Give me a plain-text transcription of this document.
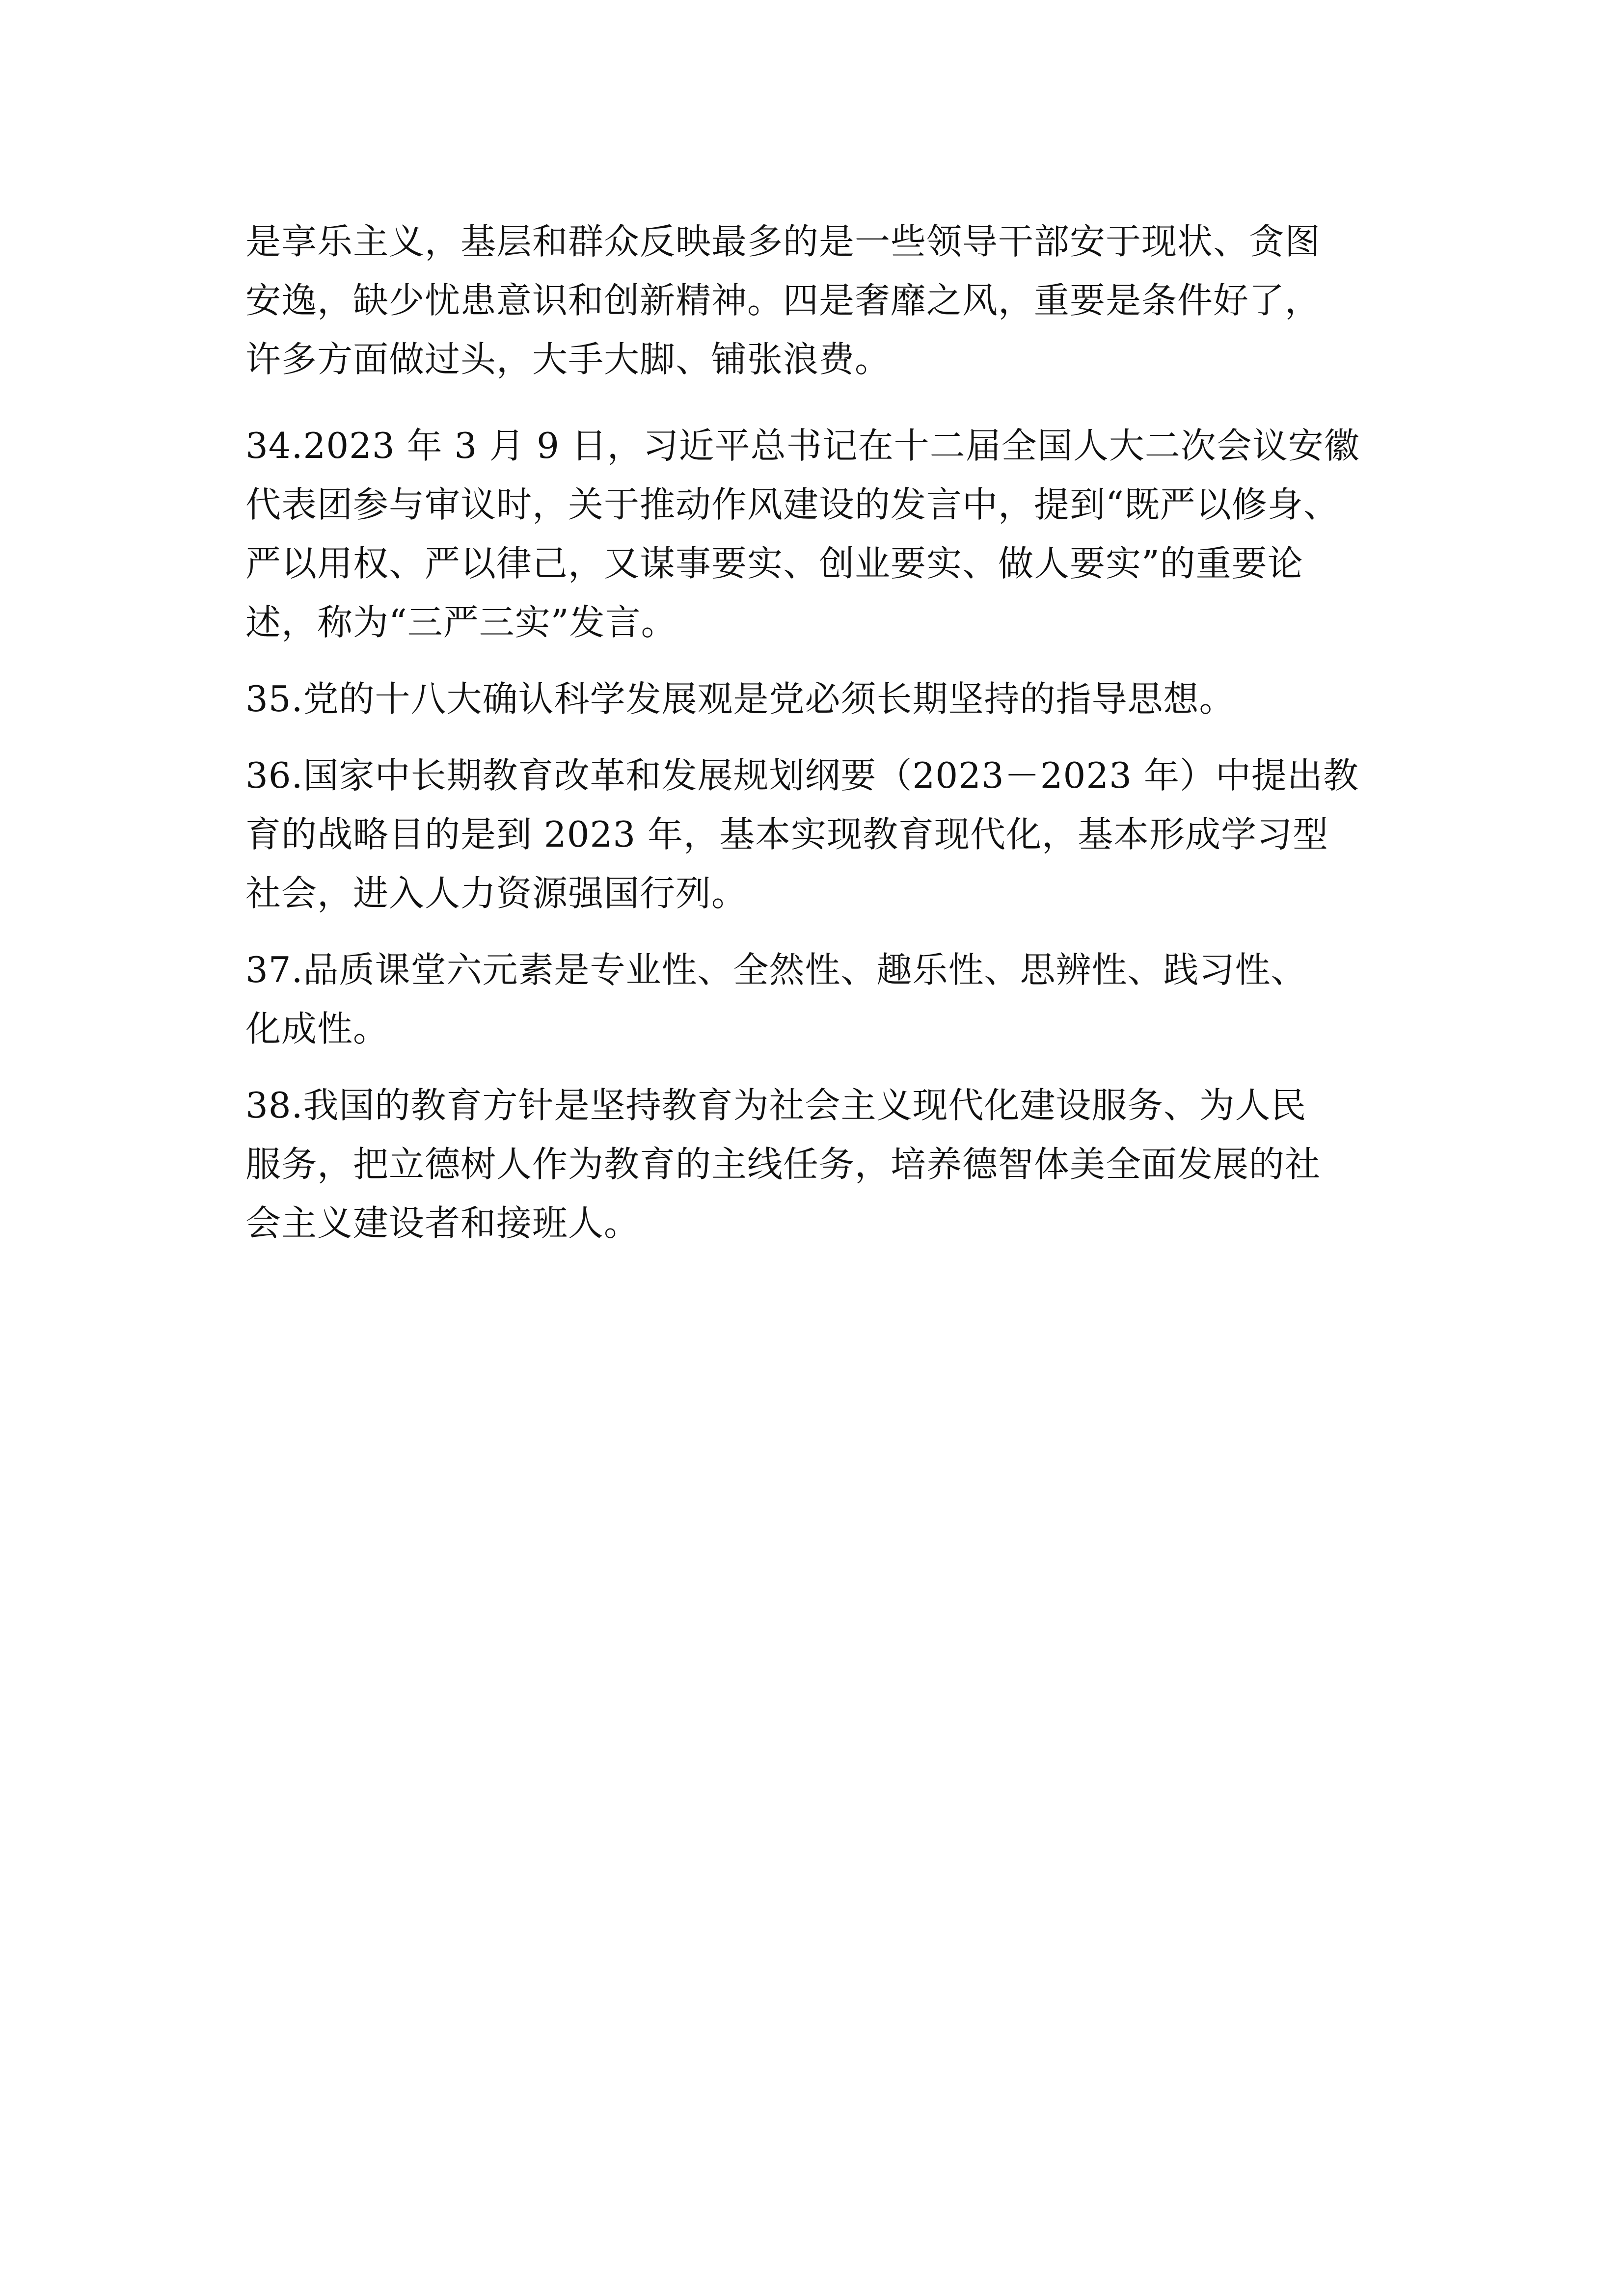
是享乐主义，基层和群众反映最多的是一些领导干部安于现状、贪图

安逸，缺少忧患意识和创新精神。四是奢靡之风，重要是条件好了，

许多方面做过头，大手大脚、铺张浪费。

34.2023 年 3 月 9 日，习近平总书记在十二届全国人大二次会议安徽

代表团参与审议时，关于推动作风建设的发言中，提到“既严以修身、

严以用权、严以律己，又谋事要实、创业要实、做人要实”的重要论

述，称为“三严三实”发言。

35.党的十八大确认科学发展观是党必须长期坚持的指导思想。

36.国家中长期教育改革和发展规划纲要（2023－2023 年）中提出教

育的战略目的是到 2023 年，基本实现教育现代化，基本形成学习型

社会，进入人力资源强国行列。

37.品质课堂六元素是专业性、全然性、趣乐性、思辨性、践习性、

化成性。

38.我国的教育方针是坚持教育为社会主义现代化建设服务、为人民

服务，把立德树人作为教育的主线任务，培养德智体美全面发展的社

会主义建设者和接班人。
